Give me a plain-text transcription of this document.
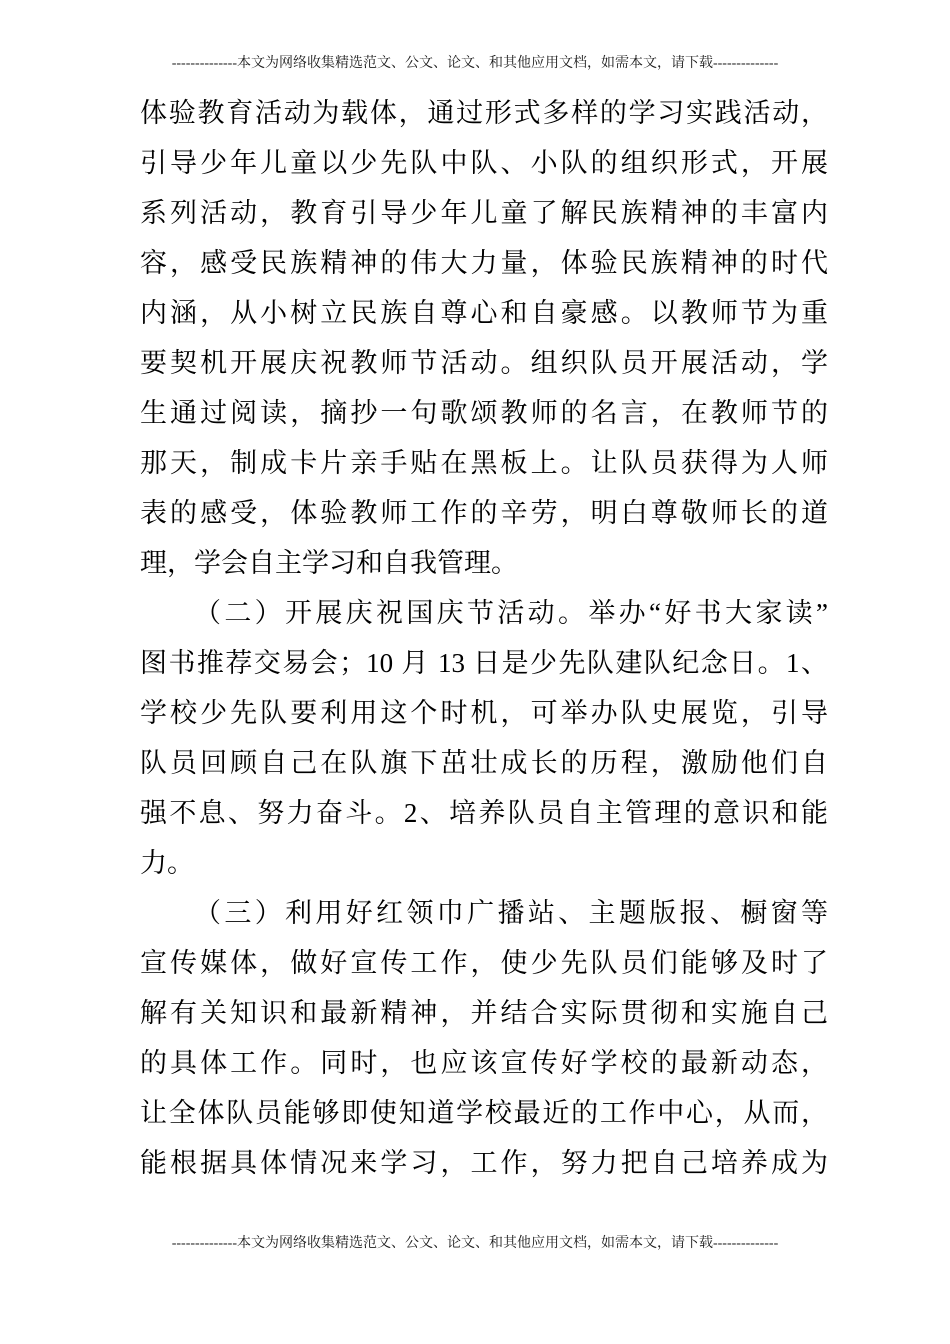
--------------本文为网络收集精选范文、公文、论文、和其他应用文档，如需本文，请下载--------------
体验教育活动为载体，通过形式多样的学习实践活动，
引导少年儿童以少先队中队、小队的组织形式，开展
系列活动，教育引导少年儿童了解民族精神的丰富内
容，感受民族精神的伟大力量，体验民族精神的时代
内涵，从小树立民族自尊心和自豪感。以教师节为重
要契机开展庆祝教师节活动。组织队员开展活动，学
生通过阅读，摘抄一句歌颂教师的名言，在教师节的
那天，制成卡片亲手贴在黑板上。让队员获得为人师
表的感受，体验教师工作的辛劳，明白尊敬师长的道
理，学会自主学习和自我管理。
（二）开展庆祝国庆节活动。举办“好书大家读”
图书推荐交易会；10 月 13 日是少先队建队纪念日。1、
学校少先队要利用这个时机，可举办队史展览，引导
队员回顾自己在队旗下茁壮成长的历程，激励他们自
强不息、努力奋斗。2、培养队员自主管理的意识和能
力。
（三）利用好红领巾广播站、主题版报、橱窗等
宣传媒体，做好宣传工作，使少先队员们能够及时了
解有关知识和最新精神，并结合实际贯彻和实施自己
的具体工作。同时，也应该宣传好学校的最新动态，
让全体队员能够即使知道学校最近的工作中心，从而，
能根据具体情况来学习，工作，努力把自己培养成为
--------------本文为网络收集精选范文、公文、论文、和其他应用文档，如需本文，请下载--------------
